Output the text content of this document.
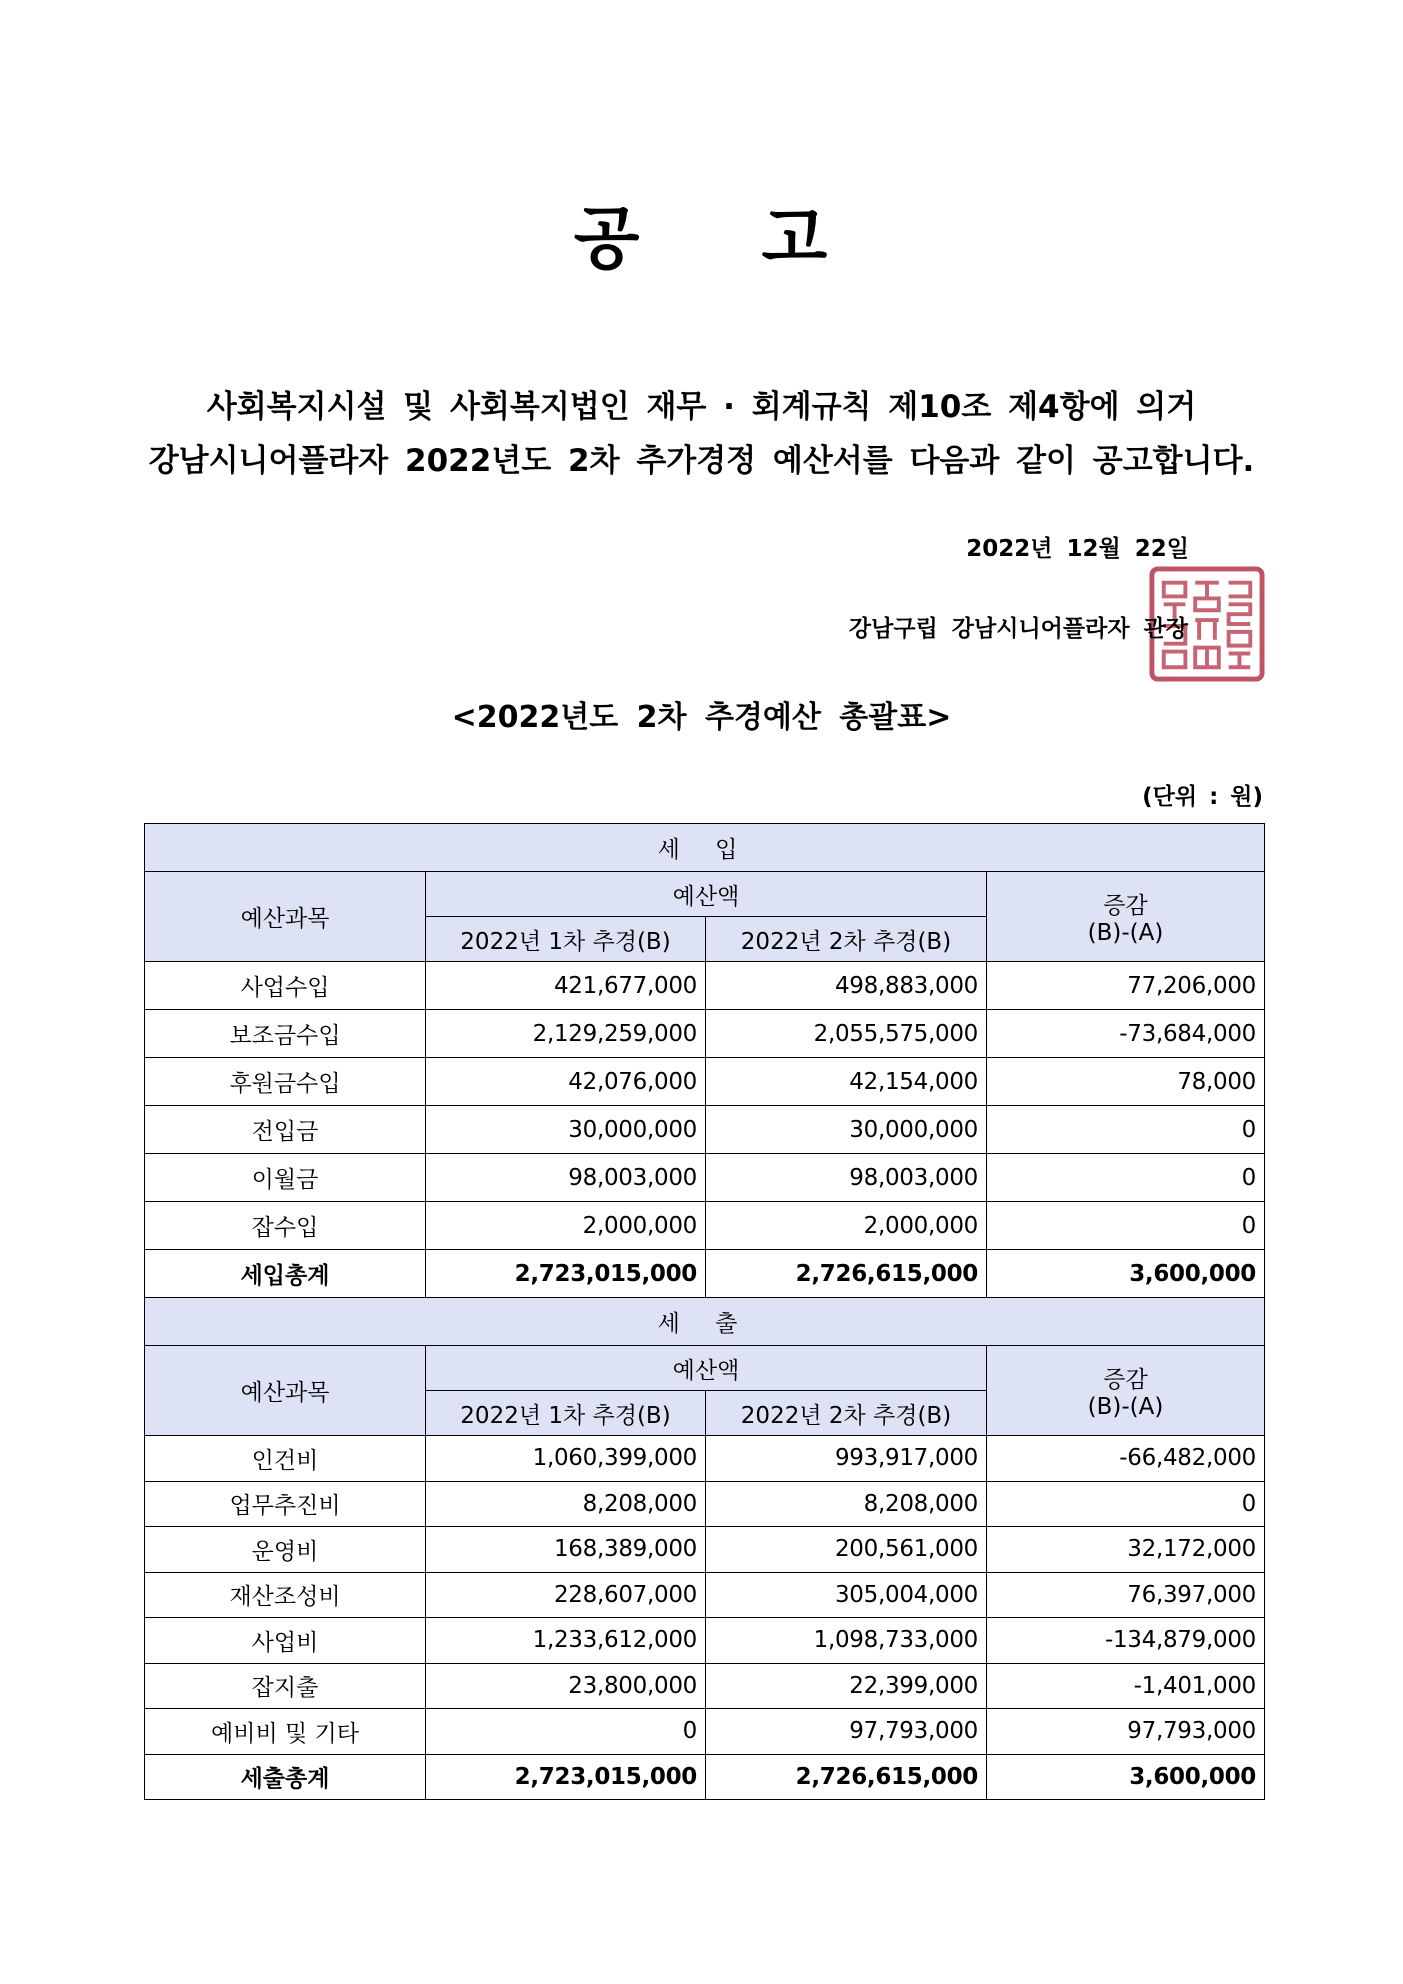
공 고
사회복지시설 및 사회복지법인 재무 · 회계규칙 제10조 제4항에 의거
강남시니어플라자 2022년도 2차 추가경정 예산서를 다음과 같이 공고합니다.
2022년 12월 22일
강남구립 강남시니어플라자 관장
<2022년도 2차 추경예산 총괄표>
(단위 : 원)
세 입			
예산과목	예산액		증감
(B)-(A)

	2022년 1차 추경(B)	2022년 2차 추경(B)	
사업수입	421,677,000	498,883,000	77,206,000
보조금수입	2,129,259,000	2,055,575,000	-73,684,000
후원금수입	42,076,000	42,154,000	78,000
전입금	30,000,000	30,000,000	0
이월금	98,003,000	98,003,000	0
잡수입	2,000,000	2,000,000	0
세입총계	2,723,015,000	2,726,615,000	3,600,000
세 출			
예산과목	예산액		증감
(B)-(A)

	2022년 1차 추경(B)	2022년 2차 추경(B)	
인건비	1,060,399,000	993,917,000	-66,482,000
업무추진비	8,208,000	8,208,000	0
운영비	168,389,000	200,561,000	32,172,000
재산조성비	228,607,000	305,004,000	76,397,000
사업비	1,233,612,000	1,098,733,000	-134,879,000
잡지출	23,800,000	22,399,000	-1,401,000
예비비 및 기타	0	97,793,000	97,793,000
세출총계	2,723,015,000	2,726,615,000	3,600,000
